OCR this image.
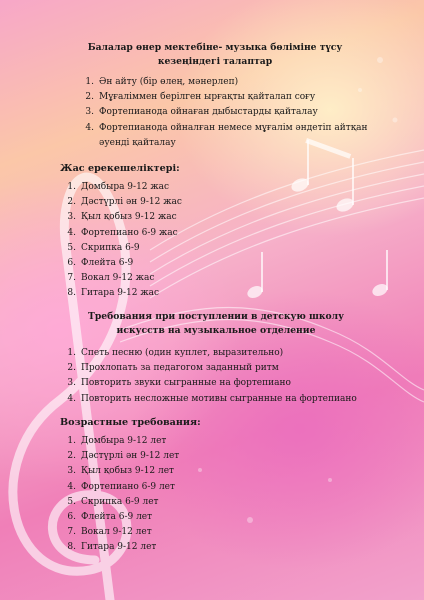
Балалар өнер мектебіне- музыка бөліміне түсу кезеңіндегі талаптар
1. Ән айту (бір өлең, мәнерлеп)
2. Мұғаліммен берілген ырғақты қайталап соғу
3. Фортепианода ойнаған дыбыстарды қайталау
4. Фортепианода ойналған немесе мұғалім әндетіп айтқан әуенді қайталау
Жас ерекешеліктері:
1. Домбыра 9-12 жас
2. Дәстүрлі ән 9-12 жас
3. Қыл қобыз 9-12 жас
4. Фортепиано 6-9 жас
5. Скрипка 6-9
6. Флейта 6-9
7. Вокал 9-12 жас
8. Гитара 9-12 жас
Требования при поступлении в детскую школу искусств на музыкальное отделение
1. Спеть песню (один куплет, выразительно)
2. Прохлопать за педагогом заданный ритм
3. Повторить звуки сыгранные на фортепиано
4. Повторить несложные мотивы сыгранные на фортепиано
Возрастные требования:
1. Домбыра 9-12 лет
2. Дәстүрлі ән 9-12 лет
3. Қыл қобыз 9-12 лет
4. Фортепиано 6-9 лет
5. Скрипка 6-9 лет
6. Флейта 6-9 лет
7. Вокал 9-12 лет
8. Гитара 9-12 лет
